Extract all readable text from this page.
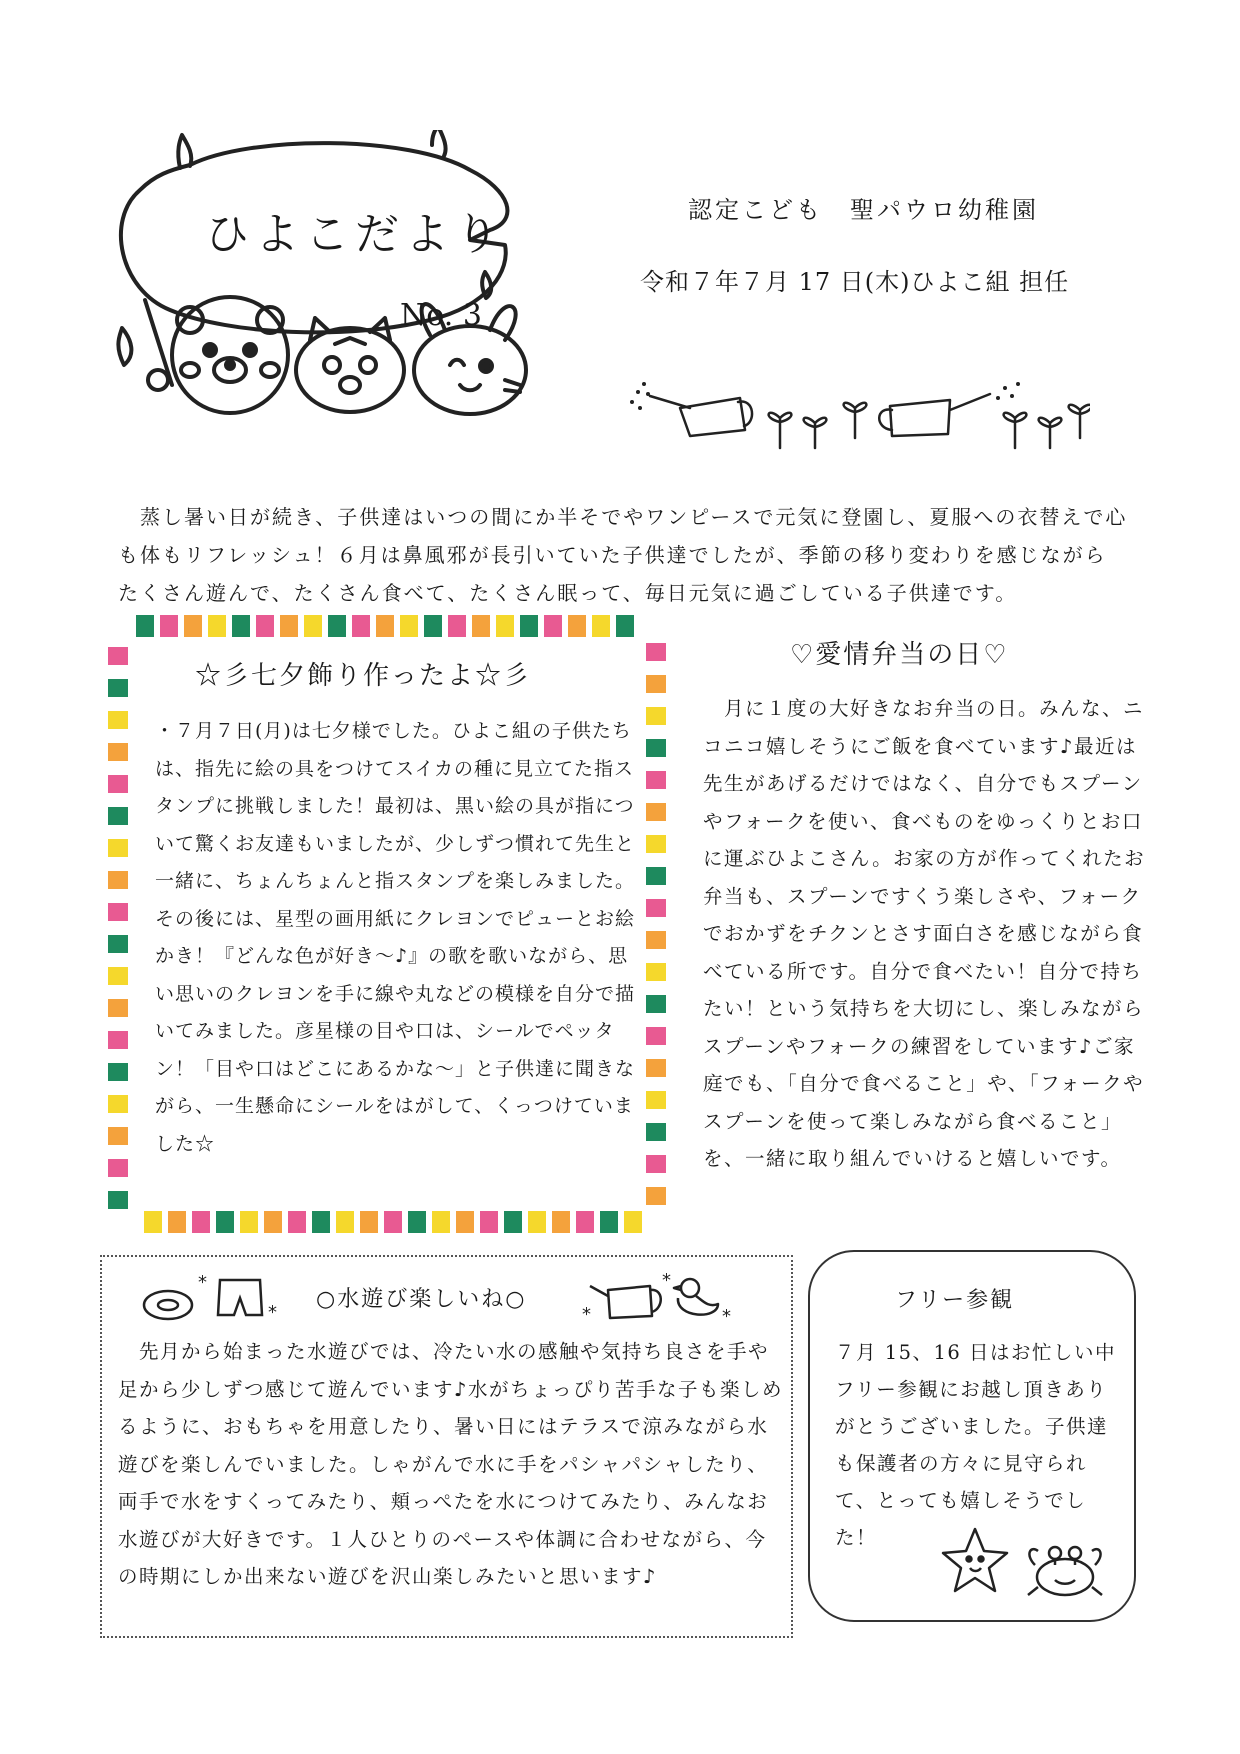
ひよこだより
No. 3
認定こども　聖パウロ幼稚園
令和７年７月 17 日(木)ひよこ組 担任

　蒸し暑い日が続き、子供達はいつの間にか半そでやワンピースで元気に登園し、夏服への衣替えで心も体もリフレッシュ！６月は鼻風邪が長引いていた子供達でしたが、季節の移り変わりを感じながらたくさん遊んで、たくさん食べて、たくさん眠って、毎日元気に過ごしている子供達です。

☆彡七夕飾り作ったよ☆彡

・７月７日(月)は七夕様でした。ひよこ組の子供たちは、指先に絵の具をつけてスイカの種に見立てた指スタンプに挑戦しました！最初は、黒い絵の具が指について驚くお友達もいましたが、少しずつ慣れて先生と一緒に、ちょんちょんと指スタンプを楽しみました。その後には、星型の画用紙にクレヨンでピューとお絵かき！『どんな色が好き～♪』の歌を歌いながら、思い思いのクレヨンを手に線や丸などの模様を自分で描いてみました。彦星様の目や口は、シールでペッタン！「目や口はどこにあるかな～」と子供達に聞きながら、一生懸命にシールをはがして、くっつけていました☆

♡愛情弁当の日♡

　月に１度の大好きなお弁当の日。みんな、ニコニコ嬉しそうにご飯を食べています♪最近は先生があげるだけではなく、自分でもスプーンやフォークを使い、食べものをゆっくりとお口に運ぶひよこさん。お家の方が作ってくれたお弁当も、スプーンですくう楽しさや、フォークでおかずをチクンとさす面白さを感じながら食べている所です。自分で食べたい！自分で持ちたい！という気持ちを大切にし、楽しみながらスプーンやフォークの練習をしています♪ご家庭でも、「自分で食べること」や、「フォークやスプーンを使って楽しみながら食べること」を、一緒に取り組んでいけると嬉しいです。

*
*
○水遊び楽しいね○
*
*
*

　先月から始まった水遊びでは、冷たい水の感触や気持ち良さを手や足から少しずつ感じて遊んでいます♪水がちょっぴり苦手な子も楽しめるように、おもちゃを用意したり、暑い日にはテラスで涼みながら水遊びを楽しんでいました。しゃがんで水に手をパシャパシャしたり、両手で水をすくってみたり、頬っぺたを水につけてみたり、みんなお水遊びが大好きです。１人ひとりのペースや体調に合わせながら、今の時期にしか出来ない遊びを沢山楽しみたいと思います♪

フリー参観

７月 15、16 日はお忙しい中フリー参観にお越し頂きありがとうございました。子供達も保護者の方々に見守られて、とっても嬉しそうでした！
